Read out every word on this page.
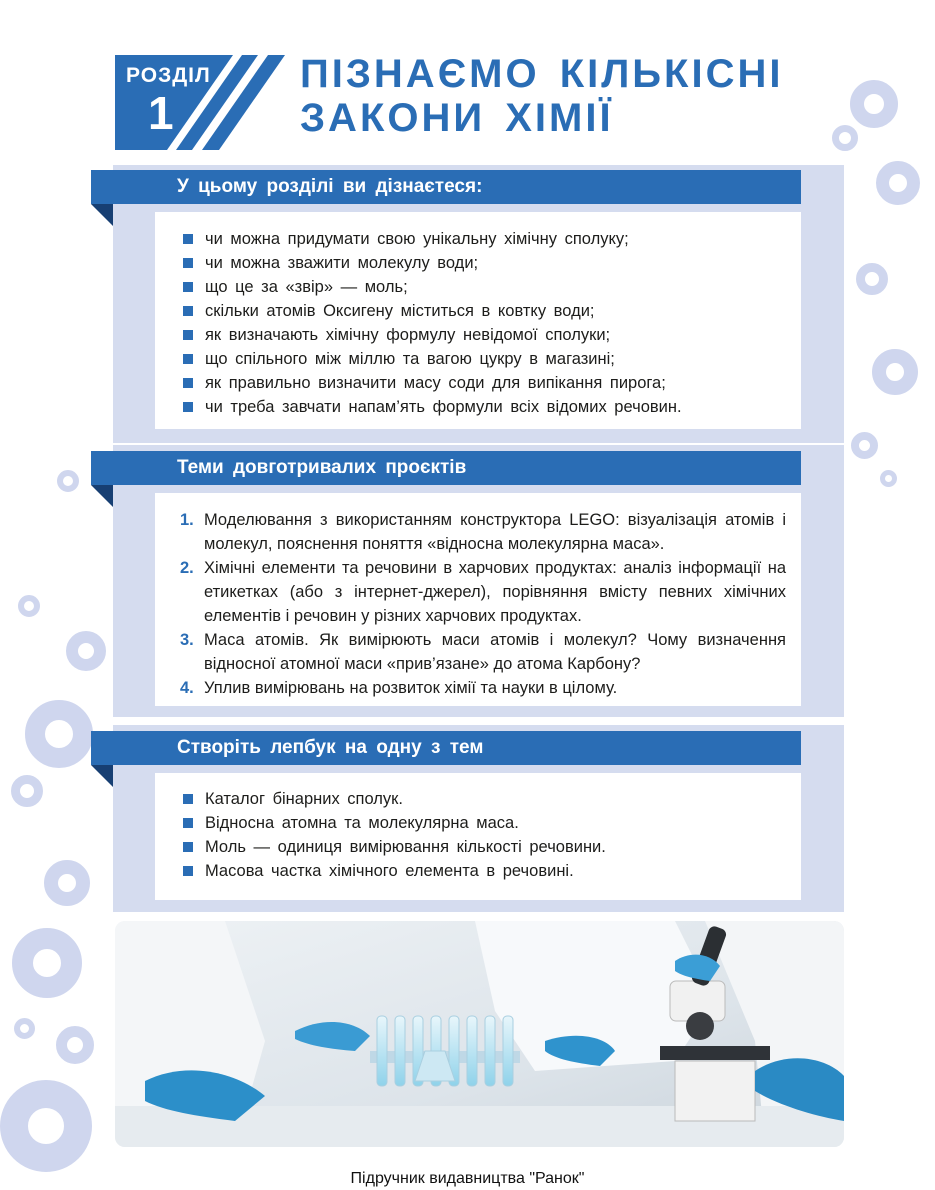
РОЗДІЛ
1
ПІЗНАЄМО КІЛЬКІСНІ
ЗАКОНИ ХІМІЇ
У цьому розділі ви дізнаєтеся:
чи можна придумати свою унікальну хімічну сполуку;
чи можна зважити молекулу води;
що це за «звір» — моль;
скільки атомів Оксигену міститься в ковтку води;
як визначають хімічну формулу невідомої сполуки;
що спільного між міллю та вагою цукру в магазині;
як правильно визначити масу соди для випікання пирога;
чи треба завчати напам’ять формули всіх відомих речовин.
Теми довготривалих проєктів
1. Моделювання з використанням конструктора LEGO: візуалізація атомів і молекул, пояснення поняття «відносна молекулярна маса».
2. Хімічні елементи та речовини в харчових продуктах: аналіз інформації на етикетках (або з інтернет-джерел), порівняння вмісту певних хімічних елементів і речовин у різних харчових продуктах.
3. Маса атомів. Як вимірюють маси атомів і молекул? Чому визначення відносної атомної маси «прив’язане» до атома Карбону?
4. Уплив вимірювань на розвиток хімії та науки в цілому.
Створіть лепбук на одну з тем
Каталог бінарних сполук.
Відносна атомна та молекулярна маса.
Моль — одиниця вимірювання кількості речовини.
Масова частка хімічного елемента в речовині.
Підручник видавництва "Ранок"
